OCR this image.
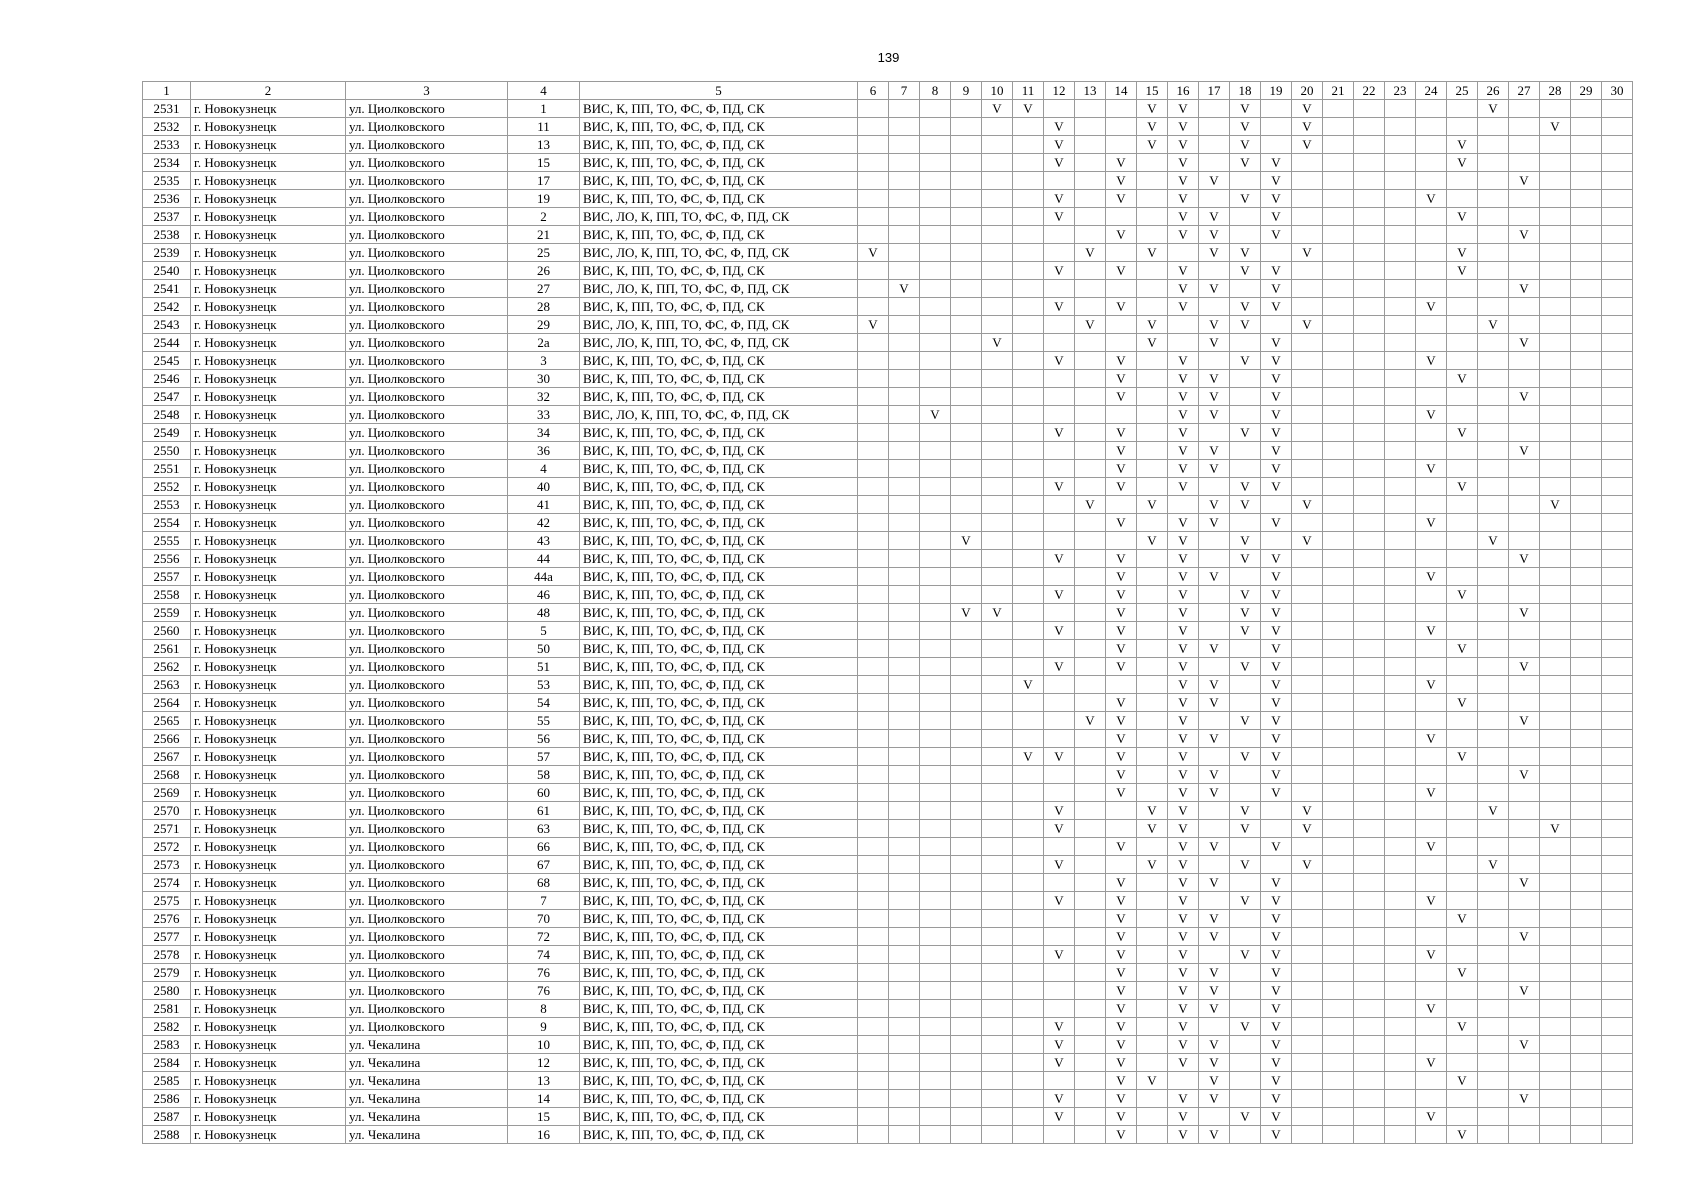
139
1	2	3	4	5	6	7	8	9	10	11	12	13	14	15	16	17	18	19	20	21	22	23	24	25	26	27	28	29	30
2531	г. Новокузнецк	ул. Циолковского	1	ВИС, К, ПП, ТО, ФС, Ф, ПД, СК					V	V				V	V		V		V						V				
2532	г. Новокузнецк	ул. Циолковского	11	ВИС, К, ПП, ТО, ФС, Ф, ПД, СК							V			V	V		V		V								V		
2533	г. Новокузнецк	ул. Циолковского	13	ВИС, К, ПП, ТО, ФС, Ф, ПД, СК							V			V	V		V		V					V					
2534	г. Новокузнецк	ул. Циолковского	15	ВИС, К, ПП, ТО, ФС, Ф, ПД, СК							V		V		V		V	V						V					
2535	г. Новокузнецк	ул. Циолковского	17	ВИС, К, ПП, ТО, ФС, Ф, ПД, СК									V		V	V		V								V			
2536	г. Новокузнецк	ул. Циолковского	19	ВИС, К, ПП, ТО, ФС, Ф, ПД, СК							V		V		V		V	V					V						
2537	г. Новокузнецк	ул. Циолковского	2	ВИС, ЛО, К, ПП, ТО, ФС, Ф, ПД, СК							V				V	V		V						V					
2538	г. Новокузнецк	ул. Циолковского	21	ВИС, К, ПП, ТО, ФС, Ф, ПД, СК									V		V	V		V								V			
2539	г. Новокузнецк	ул. Циолковского	25	ВИС, ЛО, К, ПП, ТО, ФС, Ф, ПД, СК	V							V		V		V	V		V					V					
2540	г. Новокузнецк	ул. Циолковского	26	ВИС, К, ПП, ТО, ФС, Ф, ПД, СК							V		V		V		V	V						V					
2541	г. Новокузнецк	ул. Циолковского	27	ВИС, ЛО, К, ПП, ТО, ФС, Ф, ПД, СК		V									V	V		V								V			
2542	г. Новокузнецк	ул. Циолковского	28	ВИС, К, ПП, ТО, ФС, Ф, ПД, СК							V		V		V		V	V					V						
2543	г. Новокузнецк	ул. Циолковского	29	ВИС, ЛО, К, ПП, ТО, ФС, Ф, ПД, СК	V							V		V		V	V		V						V				
2544	г. Новокузнецк	ул. Циолковского	2а	ВИС, ЛО, К, ПП, ТО, ФС, Ф, ПД, СК					V					V		V		V								V			
2545	г. Новокузнецк	ул. Циолковского	3	ВИС, К, ПП, ТО, ФС, Ф, ПД, СК							V		V		V		V	V					V						
2546	г. Новокузнецк	ул. Циолковского	30	ВИС, К, ПП, ТО, ФС, Ф, ПД, СК									V		V	V		V						V					
2547	г. Новокузнецк	ул. Циолковского	32	ВИС, К, ПП, ТО, ФС, Ф, ПД, СК									V		V	V		V								V			
2548	г. Новокузнецк	ул. Циолковского	33	ВИС, ЛО, К, ПП, ТО, ФС, Ф, ПД, СК			V								V	V		V					V						
2549	г. Новокузнецк	ул. Циолковского	34	ВИС, К, ПП, ТО, ФС, Ф, ПД, СК							V		V		V		V	V						V					
2550	г. Новокузнецк	ул. Циолковского	36	ВИС, К, ПП, ТО, ФС, Ф, ПД, СК									V		V	V		V								V			
2551	г. Новокузнецк	ул. Циолковского	4	ВИС, К, ПП, ТО, ФС, Ф, ПД, СК									V		V	V		V					V						
2552	г. Новокузнецк	ул. Циолковского	40	ВИС, К, ПП, ТО, ФС, Ф, ПД, СК							V		V		V		V	V						V					
2553	г. Новокузнецк	ул. Циолковского	41	ВИС, К, ПП, ТО, ФС, Ф, ПД, СК								V		V		V	V		V								V		
2554	г. Новокузнецк	ул. Циолковского	42	ВИС, К, ПП, ТО, ФС, Ф, ПД, СК									V		V	V		V					V						
2555	г. Новокузнецк	ул. Циолковского	43	ВИС, К, ПП, ТО, ФС, Ф, ПД, СК				V						V	V		V		V						V				
2556	г. Новокузнецк	ул. Циолковского	44	ВИС, К, ПП, ТО, ФС, Ф, ПД, СК							V		V		V		V	V								V			
2557	г. Новокузнецк	ул. Циолковского	44а	ВИС, К, ПП, ТО, ФС, Ф, ПД, СК									V		V	V		V					V						
2558	г. Новокузнецк	ул. Циолковского	46	ВИС, К, ПП, ТО, ФС, Ф, ПД, СК							V		V		V		V	V						V					
2559	г. Новокузнецк	ул. Циолковского	48	ВИС, К, ПП, ТО, ФС, Ф, ПД, СК				V	V				V		V		V	V								V			
2560	г. Новокузнецк	ул. Циолковского	5	ВИС, К, ПП, ТО, ФС, Ф, ПД, СК							V		V		V		V	V					V						
2561	г. Новокузнецк	ул. Циолковского	50	ВИС, К, ПП, ТО, ФС, Ф, ПД, СК									V		V	V		V						V					
2562	г. Новокузнецк	ул. Циолковского	51	ВИС, К, ПП, ТО, ФС, Ф, ПД, СК							V		V		V		V	V								V			
2563	г. Новокузнецк	ул. Циолковского	53	ВИС, К, ПП, ТО, ФС, Ф, ПД, СК						V					V	V		V					V						
2564	г. Новокузнецк	ул. Циолковского	54	ВИС, К, ПП, ТО, ФС, Ф, ПД, СК									V		V	V		V						V					
2565	г. Новокузнецк	ул. Циолковского	55	ВИС, К, ПП, ТО, ФС, Ф, ПД, СК								V	V		V		V	V								V			
2566	г. Новокузнецк	ул. Циолковского	56	ВИС, К, ПП, ТО, ФС, Ф, ПД, СК									V		V	V		V					V						
2567	г. Новокузнецк	ул. Циолковского	57	ВИС, К, ПП, ТО, ФС, Ф, ПД, СК						V	V		V		V		V	V						V					
2568	г. Новокузнецк	ул. Циолковского	58	ВИС, К, ПП, ТО, ФС, Ф, ПД, СК									V		V	V		V								V			
2569	г. Новокузнецк	ул. Циолковского	60	ВИС, К, ПП, ТО, ФС, Ф, ПД, СК									V		V	V		V					V						
2570	г. Новокузнецк	ул. Циолковского	61	ВИС, К, ПП, ТО, ФС, Ф, ПД, СК							V			V	V		V		V						V				
2571	г. Новокузнецк	ул. Циолковского	63	ВИС, К, ПП, ТО, ФС, Ф, ПД, СК							V			V	V		V		V								V		
2572	г. Новокузнецк	ул. Циолковского	66	ВИС, К, ПП, ТО, ФС, Ф, ПД, СК									V		V	V		V					V						
2573	г. Новокузнецк	ул. Циолковского	67	ВИС, К, ПП, ТО, ФС, Ф, ПД, СК							V			V	V		V		V						V				
2574	г. Новокузнецк	ул. Циолковского	68	ВИС, К, ПП, ТО, ФС, Ф, ПД, СК									V		V	V		V								V			
2575	г. Новокузнецк	ул. Циолковского	7	ВИС, К, ПП, ТО, ФС, Ф, ПД, СК							V		V		V		V	V					V						
2576	г. Новокузнецк	ул. Циолковского	70	ВИС, К, ПП, ТО, ФС, Ф, ПД, СК									V		V	V		V						V					
2577	г. Новокузнецк	ул. Циолковского	72	ВИС, К, ПП, ТО, ФС, Ф, ПД, СК									V		V	V		V								V			
2578	г. Новокузнецк	ул. Циолковского	74	ВИС, К, ПП, ТО, ФС, Ф, ПД, СК							V		V		V		V	V					V						
2579	г. Новокузнецк	ул. Циолковского	76	ВИС, К, ПП, ТО, ФС, Ф, ПД, СК									V		V	V		V						V					
2580	г. Новокузнецк	ул. Циолковского	76	ВИС, К, ПП, ТО, ФС, Ф, ПД, СК									V		V	V		V								V			
2581	г. Новокузнецк	ул. Циолковского	8	ВИС, К, ПП, ТО, ФС, Ф, ПД, СК									V		V	V		V					V						
2582	г. Новокузнецк	ул. Циолковского	9	ВИС, К, ПП, ТО, ФС, Ф, ПД, СК							V		V		V		V	V						V					
2583	г. Новокузнецк	ул. Чекалина	10	ВИС, К, ПП, ТО, ФС, Ф, ПД, СК							V		V		V	V		V								V			
2584	г. Новокузнецк	ул. Чекалина	12	ВИС, К, ПП, ТО, ФС, Ф, ПД, СК							V		V		V	V		V					V						
2585	г. Новокузнецк	ул. Чекалина	13	ВИС, К, ПП, ТО, ФС, Ф, ПД, СК									V	V		V		V						V					
2586	г. Новокузнецк	ул. Чекалина	14	ВИС, К, ПП, ТО, ФС, Ф, ПД, СК							V		V		V	V		V								V			
2587	г. Новокузнецк	ул. Чекалина	15	ВИС, К, ПП, ТО, ФС, Ф, ПД, СК							V		V		V		V	V					V						
2588	г. Новокузнецк	ул. Чекалина	16	ВИС, К, ПП, ТО, ФС, Ф, ПД, СК									V		V	V		V						V					
